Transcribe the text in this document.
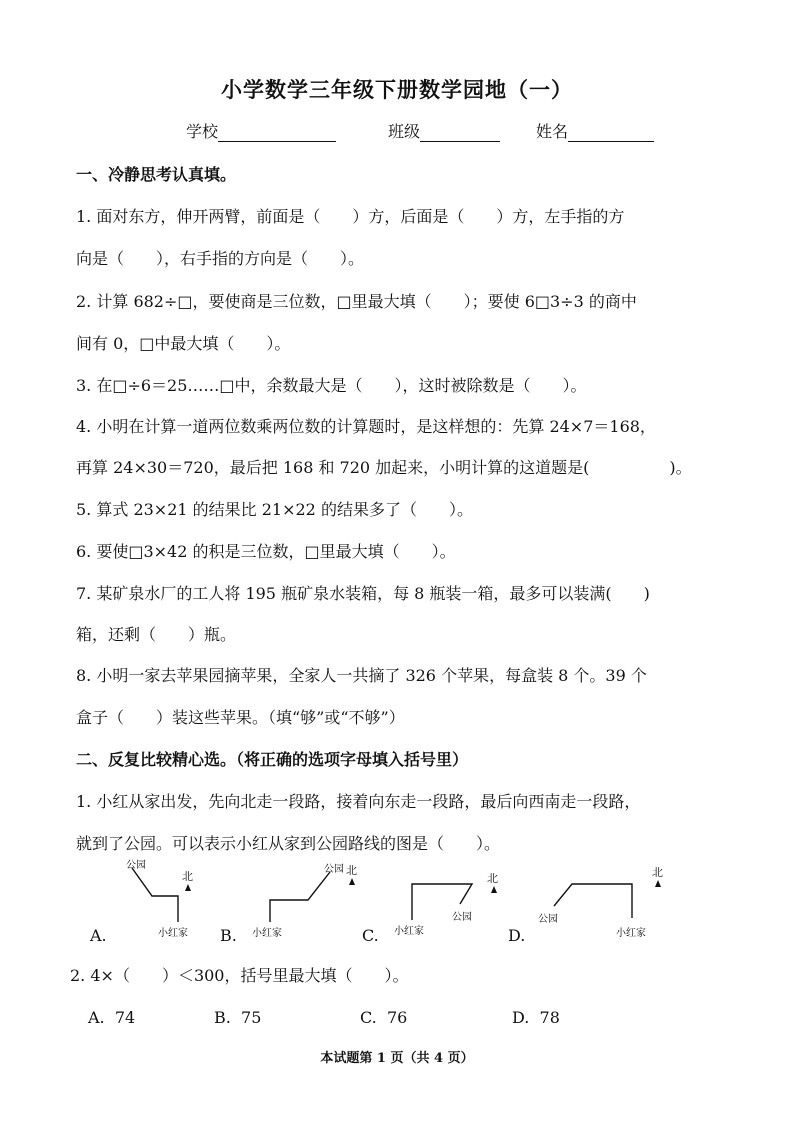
小学数学三年级下册数学园地（一）
学校	班级	姓名
一、冷静思考认真填。
1. 面对东方，伸开两臂，前面是（　　）方，后面是（　　）方，左手指的方
向是（　　），右手指的方向是（　　）。
2. 计算 682÷□，要使商是三位数，□里最大填（　　）；要使 6□3÷3 的商中
间有 0，□中最大填（　　）。
3. 在□÷6＝25……□中，余数最大是（　　），这时被除数是（　　）。
4. 小明在计算一道两位数乘两位数的计算题时，是这样想的：先算 24×7＝168，
再算 24×30＝720，最后把 168 和 720 加起来，小明计算的这道题是(　　　　　)。
5. 算式 23×21 的结果比 21×22 的结果多了（　　）。
6. 要使□3×42 的积是三位数，□里最大填（　　）。
7. 某矿泉水厂的工人将 195 瓶矿泉水装箱，每 8 瓶装一箱，最多可以装满(　　)
箱，还剩（　　）瓶。
8. 小明一家去苹果园摘苹果，全家人一共摘了 326 个苹果，每盒装 8 个。39 个
盒子（　　）装这些苹果。（填“够”或“不够”）
二、反复比较精心选。（将正确的选项字母填入括号里）
1. 小红从家出发，先向北走一段路，接着向东走一段路，最后向西南走一段路，
就到了公园。可以表示小红从家到公园路线的图是（　　）。
公园
北
小红家	小红家
公园 北
小红家
公园
北
公园
小红家
北
A.	B.	C.	D.
2. 4×（　　）＜300，括号里最大填（　　）。
A. 74	B. 75	C. 76	D. 78
本试题第 1 页（共 4 页）
